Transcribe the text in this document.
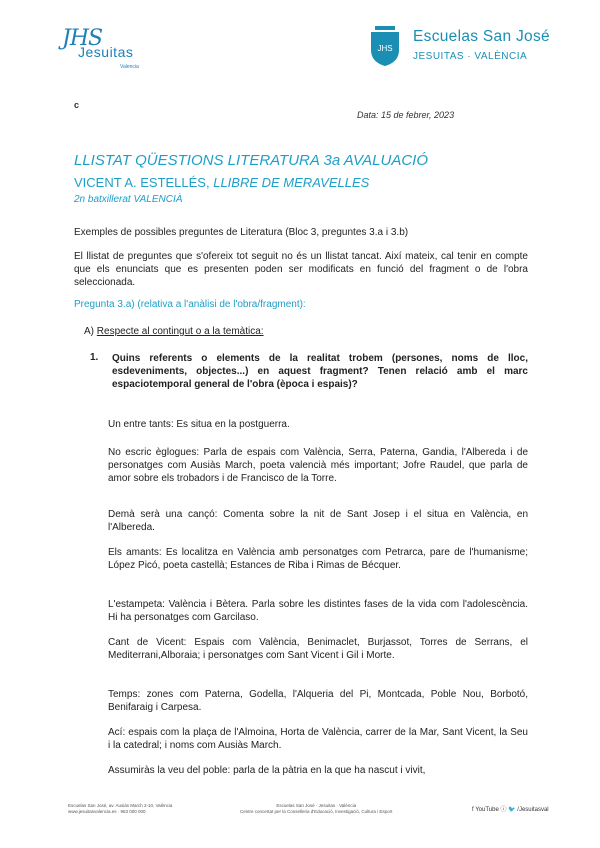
JHS
Jesuitas
Valencia
JHS
Escuelas San José
JESUITAS · VALÈNCIA
c
Data: 15 de febrer, 2023
LLISTAT QÜESTIONS LITERATURA 3a AVALUACIÓ
VICENT A. ESTELLÉS, LLIBRE DE MERAVELLES
2n batxillerat VALENCIÀ
Exemples de possibles preguntes de Literatura (Bloc 3, preguntes 3.a i 3.b)
El llistat de preguntes que s'ofereix tot seguit no és un llistat tancat. Així mateix, cal tenir en compte que els enunciats que es presenten poden ser modificats en funció del fragment o de l'obra seleccionada.
Pregunta 3.a) (relativa a l'anàlisi de l'obra/fragment):
A) Respecte al contingut o a la temàtica:
1. Quins referents o elements de la realitat trobem (persones, noms de lloc, esdeveniments, objectes...) en aquest fragment? Tenen relació amb el marc espaciotemporal general de l'obra (època i espais)?
Un entre tants: Es situa en la postguerra.
No escric èglogues: Parla de espais com València, Serra, Paterna, Gandia, l'Albereda i de personatges com Ausiàs March, poeta valencià més important; Jofre Raudel, que parla de amor sobre els trobadors i de Francisco de la Torre.
Demà serà una cançó: Comenta sobre la nit de Sant Josep i el situa en València, en l'Albereda.
Els amants: Es localitza en València amb personatges com Petrarca, pare de l'humanisme; López Picó, poeta castellà; Estances de Riba i Rimas de Bécquer.
L'estampeta: València i Bètera. Parla sobre les distintes fases de la vida com l'adolescència. Hi ha personatges com Garcilaso.
Cant de Vicent: Espais com València, Benimaclet, Burjassot, Torres de Serrans, el Mediterrani,Alboraia; i personatges com Sant Vicent i Gil i Morte.
Temps: zones com Paterna, Godella, l'Alqueria del Pi, Montcada, Poble Nou, Borbotó, Benifaraig i Carpesa.
Ací: espais com la plaça de l'Almoina, Horta de València, carrer de la Mar, Sant Vicent, la Seu i la catedral; i noms com Ausiàs March.
Assumiràs la veu del poble: parla de la pàtria en la que ha nascut i vivit,
Escuelas San José, av. Ausiàs March 2-10, València
www.jesuitasvalencia.es · 963 000 000
Escuelas San José · Jesuitas · València
Centre concertat per la Conselleria d'Educació, Investigació, Cultura i Esport	f YouTube ⓘ 🐦 /Jesuitasval
